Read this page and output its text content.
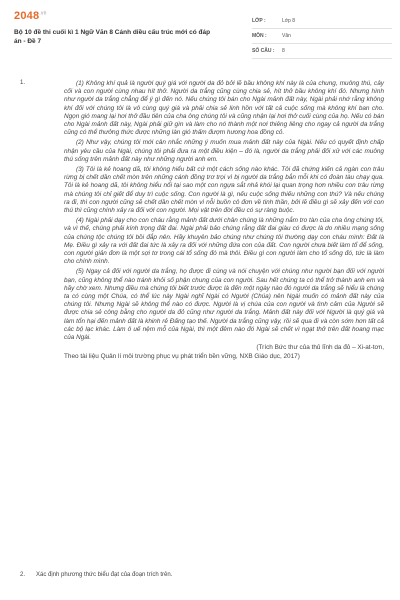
$2048^{.vn}$
Bộ 10 đề thi cuối kì 1 Ngữ Văn 8 Cánh diều cấu trúc mới có đáp án - Đề 7
LỚP :	Lớp 8
MÔN :	Văn
SỐ CÂU :	8
1.	(1) Không khí quả là người quý giá với người da đỏ bởi lẽ bầu không khí này là của chung, muông thú, cây cối và con người cùng nhau hít thở. Người da trắng cũng cùng chia sẻ, hít thở bầu không khí đó. Nhưng hình như người da trắng chẳng để ý gì đến nó. Nếu chúng tôi bán cho Ngài mảnh đất này, Ngài phải nhớ rằng không khí đối với chúng tôi là vô cùng quý giá và phải chia sẻ linh hồn với tất cả cuộc sống mà không khí ban cho. Ngọn gió mang lại hơi thở đầu tiên của cha ông chúng tôi và cũng nhận lại hơi thở cuối cùng của họ. Nếu có bán cho Ngài mảnh đất này, Ngài phải giữ gìn và làm cho nó thành một nơi thiêng liêng cho ngay cả người da trắng cũng có thể thưởng thức được những làn gió thấm đượm hương hoa đồng cỏ.

(2) Như vậy, chúng tôi mới cân nhắc những ý muốn mua mảnh đất này của Ngài. Nếu có quyết định chấp nhận yêu cầu của Ngài, chúng tôi phải đưa ra một điều kiện – đó là, người da trắng phải đối xử với các muông thú sống trên mảnh đất này như những người anh em.

(3) Tôi là kẻ hoang dã, tôi không hiểu bất cứ một cách sống nào khác. Tôi đã chứng kiến cả ngàn con trâu rừng bị chết dần chết mòn trên những cánh đồng trơ trọi vì bị người da trắng bắn mỗi khi có đoàn tàu chạy qua. Tôi là kẻ hoang dã, tôi không hiểu nổi tại sao một con ngựa sắt nhả khói lại quan trọng hơn nhiều con trâu rừng mà chúng tôi chỉ giết để duy trì cuộc sống. Con người là gì, nếu cuộc sống thiếu những con thú? Và nếu chúng ra đi, thì con người cũng sẽ chết dần chết mòn vì nỗi buồn cô đơn về tinh thần, bởi lẽ điều gì sẽ xảy đến với con thú thì cũng chính xảy ra đối với con người. Mọi vật trên đời đều có sự ràng buộc.

(4) Ngài phải dạy cho con cháu rằng mảnh đất dưới chân chúng là những nắm tro tàn của cha ông chúng tôi, và vì thế, chúng phải kính trọng đất đai. Ngài phải bảo chúng rằng đất đai giàu có được là do nhiều mạng sống của chúng tộc chúng tôi bồi đắp nên. Hãy khuyên bảo chúng như chúng tôi thường dạy con cháu mình: Đất là Mẹ. Điều gì xảy ra với đất đai tức là xảy ra đối với những đứa con của đất. Con người chưa biết làm tổ để sống, con người giản đơn là một sợi tơ trong cái tổ sống đó mà thôi. Điều gì con người làm cho tổ sống đó, tức là làm cho chính mình.

(5) Ngay cả đối với người da trắng, họ được đi cùng và nói chuyện với chúng như người bạn đối với người bạn, cũng không thể nào tránh khỏi số phận chung của con người. Sau hết chúng ta có thể trở thành anh em và hãy chờ xem. Nhưng điều mà chúng tôi biết trước được là đến một ngày nào đó người da trắng sẽ hiểu là chúng ta có cùng một Chúa, có thể lúc này Ngài nghĩ Ngài có Người (Chúa) nên Ngài muốn có mảnh đất này của chúng tôi. Nhưng Ngài sẽ không thể nào có được. Người là vị chúa của con người và tình cảm của Người sẽ được chia sẻ công bằng cho người da đỏ cũng như người da trắng. Mảnh đất này đối với Người là quý giá và làm tổn hại đến mảnh đất là khinh rẻ Đấng tạo thế. Người da trắng cũng vậy, rồi sẽ qua đi và còn sớm hơn tất cả các bộ lạc khác. Làm ô uế nệm mỗ của Ngài, thì một đêm nào đó Ngài sẽ chết vì ngạt thở trên đất hoang mạc của Ngài.

(Trích Bức thư của thủ lĩnh da đỏ – Xi-at-tơn,
Theo tài liệu Quản lí môi trường phục vụ phát triển bền vững, NXB Giáo dục, 2017)
2. Xác định phương thức biểu đạt của đoạn trích trên.
